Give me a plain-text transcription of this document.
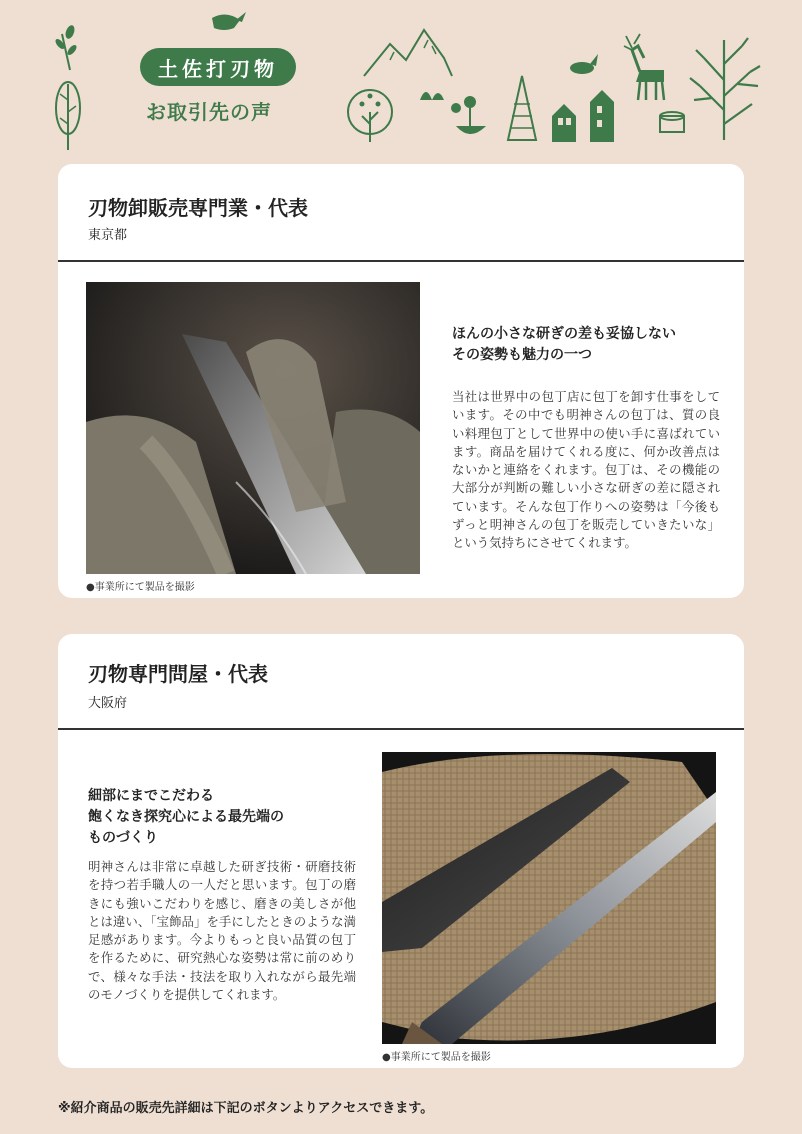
土佐打刃物
お取引先の声
刃物卸販売専門業・代表
東京都
●事業所にて製品を撮影
ほんの小さな研ぎの差も妥協しない
その姿勢も魅力の一つ
当社は世界中の包丁店に包丁を卸す仕事をしています。その中でも明神さんの包丁は、質の良い料理包丁として世界中の使い手に喜ばれています。商品を届けてくれる度に、何か改善点はないかと連絡をくれます。包丁は、その機能の大部分が判断の難しい小さな研ぎの差に隠されています。そんな包丁作りへの姿勢は「今後もずっと明神さんの包丁を販売していきたいな」という気持ちにさせてくれます。
刃物専門問屋・代表
大阪府
細部にまでこだわる
飽くなき探究心による最先端の
ものづくり
明神さんは非常に卓越した研ぎ技術・研磨技術を持つ若手職人の一人だと思います。包丁の磨きにも強いこだわりを感じ、磨きの美しさが他とは違い、「宝飾品」を手にしたときのような満足感があります。今よりもっと良い品質の包丁を作るために、研究熱心な姿勢は常に前のめりで、様々な手法・技法を取り入れながら最先端のモノづくりを提供してくれます。
●事業所にて製品を撮影
※紹介商品の販売先詳細は下記のボタンよりアクセスできます。
